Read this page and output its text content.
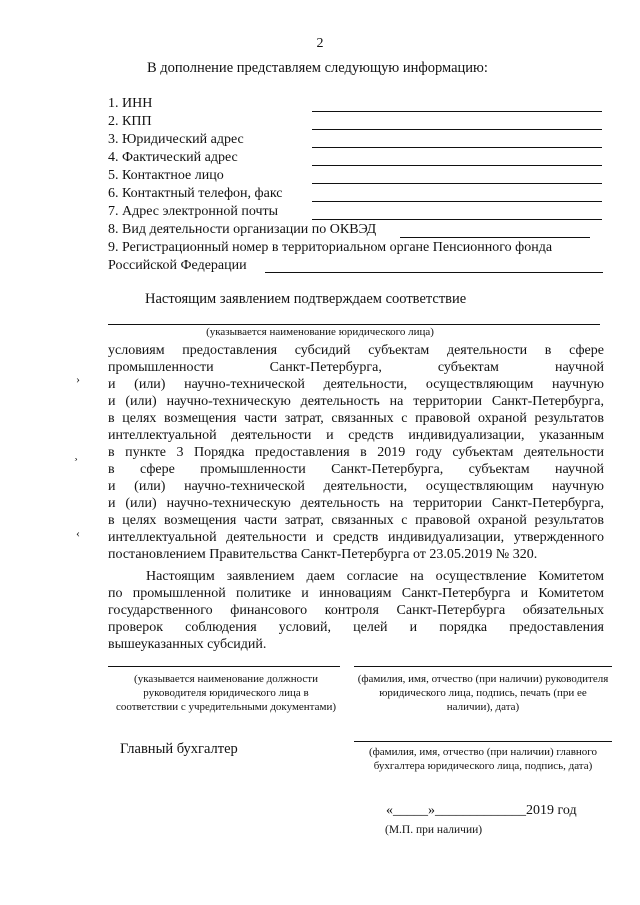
2
В дополнение представляем следующую информацию:
1. ИНН
2. КПП
3. Юридический адрес
4. Фактический адрес
5. Контактное лицо
6. Контактный телефон, факс
7. Адрес электронной почты
8. Вид деятельности организации по ОКВЭД
9. Регистрационный номер в территориальном органе Пенсионного фонда
Российской Федерации
Настоящим заявлением подтверждаем соответствие
(указывается наименование юридического лица)
условиям предоставления субсидий субъектам деятельности в сфере
промышленности Санкт-Петербурга, субъектам научной
и (или) научно-технической деятельности, осуществляющим научную
и (или) научно-техническую деятельность на территории Санкт-Петербурга,
в целях возмещения части затрат, связанных с правовой охраной результатов
интеллектуальной деятельности и средств индивидуализации, указанным
в пункте 3 Порядка предоставления в 2019 году субъектам деятельности
в сфере промышленности Санкт-Петербурга, субъектам научной
и (или) научно-технической деятельности, осуществляющим научную
и (или) научно-техническую деятельность на территории Санкт-Петербурга,
в целях возмещения части затрат, связанных с правовой охраной результатов
интеллектуальной деятельности и средств индивидуализации, утвержденного
постановлением Правительства Санкт-Петербурга от 23.05.2019 № 320.
Настоящим заявлением даем согласие на осуществление Комитетом
по промышленной политике и инновациям Санкт-Петербурга и Комитетом
государственного финансового контроля Санкт-Петербурга обязательных
проверок соблюдения условий, целей и порядка предоставления
вышеуказанных субсидий.
(указывается наименование должности руководителя юридического лица в соответствии с учредительными документами)
(фамилия, имя, отчество (при наличии) руководителя юридического лица, подпись, печать (при ее наличии), дата)
Главный бухгалтер	(фамилия, имя, отчество (при наличии) главного бухгалтера юридического лица, подпись, дата)
«_____»_____________2019 год
(М.П. при наличии)
›
¸
‹
